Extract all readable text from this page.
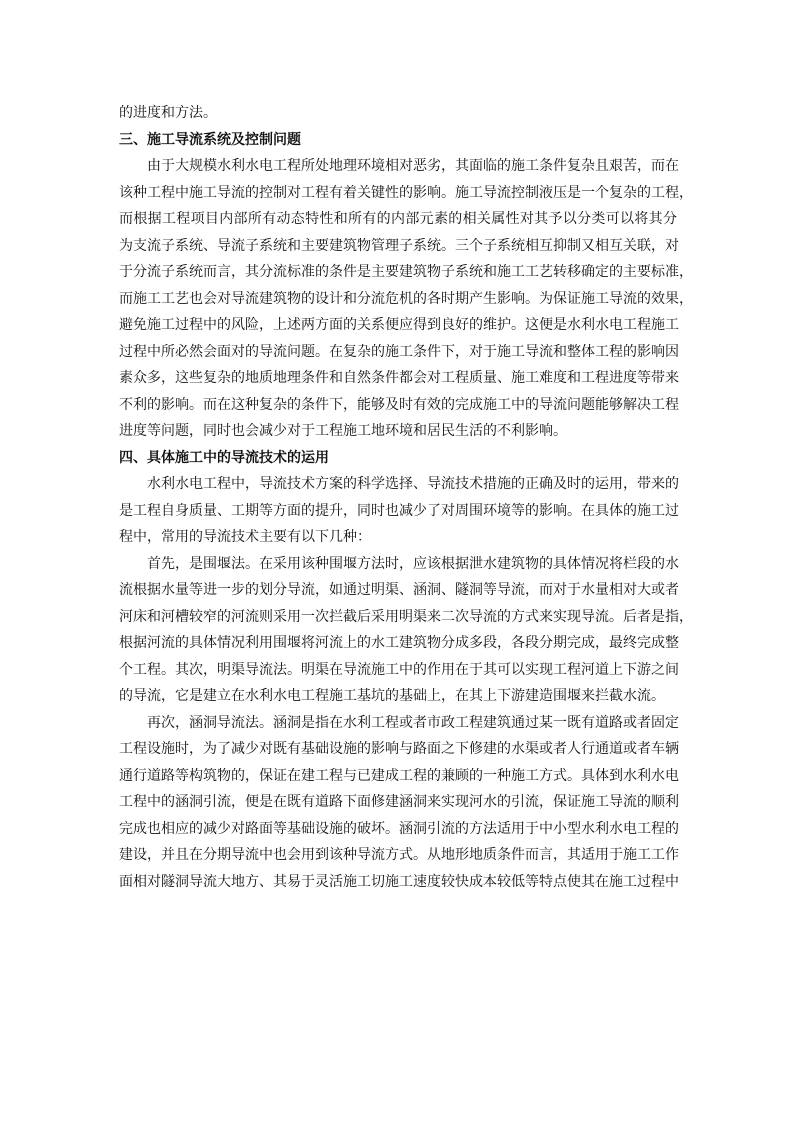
的进度和方法。
三、施工导流系统及控制问题
由于大规模水利水电工程所处地理环境相对恶劣，其面临的施工条件复杂且艰苦，而在
该种工程中施工导流的控制对工程有着关键性的影响。施工导流控制液压是一个复杂的工程，
而根据工程项目内部所有动态特性和所有的内部元素的相关属性对其予以分类可以将其分
为支流子系统、导流子系统和主要建筑物管理子系统。三个子系统相互抑制又相互关联，对
于分流子系统而言，其分流标准的条件是主要建筑物子系统和施工工艺转移确定的主要标准，
而施工工艺也会对导流建筑物的设计和分流危机的各时期产生影响。为保证施工导流的效果，
避免施工过程中的风险，上述两方面的关系便应得到良好的维护。这便是水利水电工程施工
过程中所必然会面对的导流问题。在复杂的施工条件下，对于施工导流和整体工程的影响因
素众多，这些复杂的地质地理条件和自然条件都会对工程质量、施工难度和工程进度等带来
不利的影响。而在这种复杂的条件下，能够及时有效的完成施工中的导流问题能够解决工程
进度等问题，同时也会减少对于工程施工地环境和居民生活的不利影响。
四、具体施工中的导流技术的运用
水利水电工程中，导流技术方案的科学选择、导流技术措施的正确及时的运用，带来的
是工程自身质量、工期等方面的提升，同时也减少了对周围环境等的影响。在具体的施工过
程中，常用的导流技术主要有以下几种：
首先，是围堰法。在采用该种围堰方法时，应该根据泄水建筑物的具体情况将栏段的水
流根据水量等进一步的划分导流，如通过明渠、涵洞、隧洞等导流，而对于水量相对大或者
河床和河槽较窄的河流则采用一次拦截后采用明渠来二次导流的方式来实现导流。后者是指，
根据河流的具体情况利用围堰将河流上的水工建筑物分成多段，各段分期完成，最终完成整
个工程。其次，明渠导流法。明渠在导流施工中的作用在于其可以实现工程河道上下游之间
的导流，它是建立在水利水电工程施工基坑的基础上，在其上下游建造围堰来拦截水流。
再次，涵洞导流法。涵洞是指在水利工程或者市政工程建筑通过某一既有道路或者固定
工程设施时，为了减少对既有基础设施的影响与路面之下修建的水渠或者人行通道或者车辆
通行道路等构筑物的，保证在建工程与已建成工程的兼顾的一种施工方式。具体到水利水电
工程中的涵洞引流，便是在既有道路下面修建涵洞来实现河水的引流，保证施工导流的顺利
完成也相应的减少对路面等基础设施的破坏。涵洞引流的方法适用于中小型水利水电工程的
建设，并且在分期导流中也会用到该种导流方式。从地形地质条件而言，其适用于施工工作
面相对隧洞导流大地方、其易于灵活施工切施工速度较快成本较低等特点使其在施工过程中
